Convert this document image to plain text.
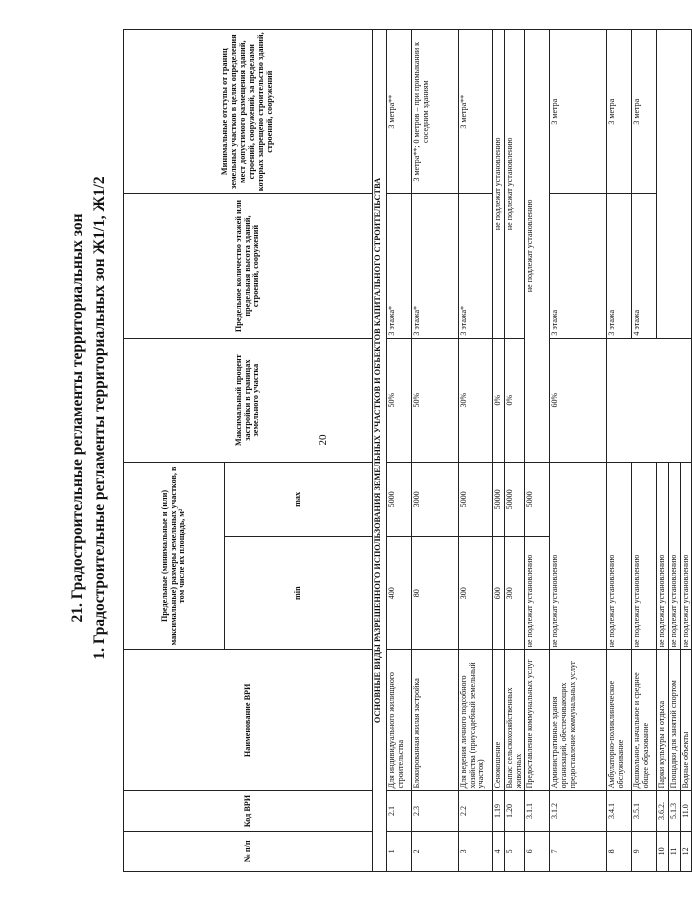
20
21. Градостроительные регламенты территориальных зон 1. Градостроительные регламенты территориальных зон Ж1/1, Ж1/2
№ п/п	Код ВРИ	Наименование ВРИ	Предельные (минимальные и (или) максимальные) размеры земельных участков, в том числе их площадь, м²		Максимальный процент застройки в границах земельного участка	Предельное количество этажей или предельная высота зданий, строений, сооружений	Минимальные отступы от границ земельных участков в целях определения мест допустимого размещения зданий, строений, сооружений, за пределами которых запрещено строительство зданий, строений, сооружений
			min	max			
ОСНОВНЫЕ ВИДЫ РАЗРЕШЕННОГО ИСПОЛЬЗОВАНИЯ ЗЕМЕЛЬНЫХ УЧАСТКОВ И ОБЪЕКТОВ КАПИТАЛЬНОГО СТРОИТЕЛЬСТВА							
1	2.1	Для индивидуального жилищного строительства	400	5000	50%	3 этажа*	3 метра**
2	2.3	Блокированная жилая застройка	80	3000	50%	3 этажа*	3 метра**; 0 метров – при примыкании к соседним зданиям
3	2.2	Для ведения личного подсобного хозяйства (приусадебный земельный участок)	300	5000	30%	3 этажа*	3 метра**
4	1.19	Сенокошение	600	50000	0%	не подлежат установлению	
5	1.20	Выпас сельскохозяйственных животных	300	50000	0%	не подлежат установлению	
6	3.1.1	Предоставление коммунальных услуг	не подлежат установлению	5000	не подлежат установлению		
7	3.1.2	Административные здания организаций, обеспечивающих предоставление коммунальных услуг	не подлежат установлению		60%	3 этажа	3 метра
8	3.4.1	Амбулаторно-поликлиническое обслуживание	не подлежат установлению			3 этажа	3 метра
9	3.5.1	Дошкольное, начальное и среднее общее образование	не подлежат установлению			4 этажа	3 метра
10	3.6.2.	Парки культуры и отдыха	не подлежат установлению				
11	5.1.3	Площадки для занятий спортом	не подлежат установлению				
12	11.0	Водные объекты	не подлежат установлению				
